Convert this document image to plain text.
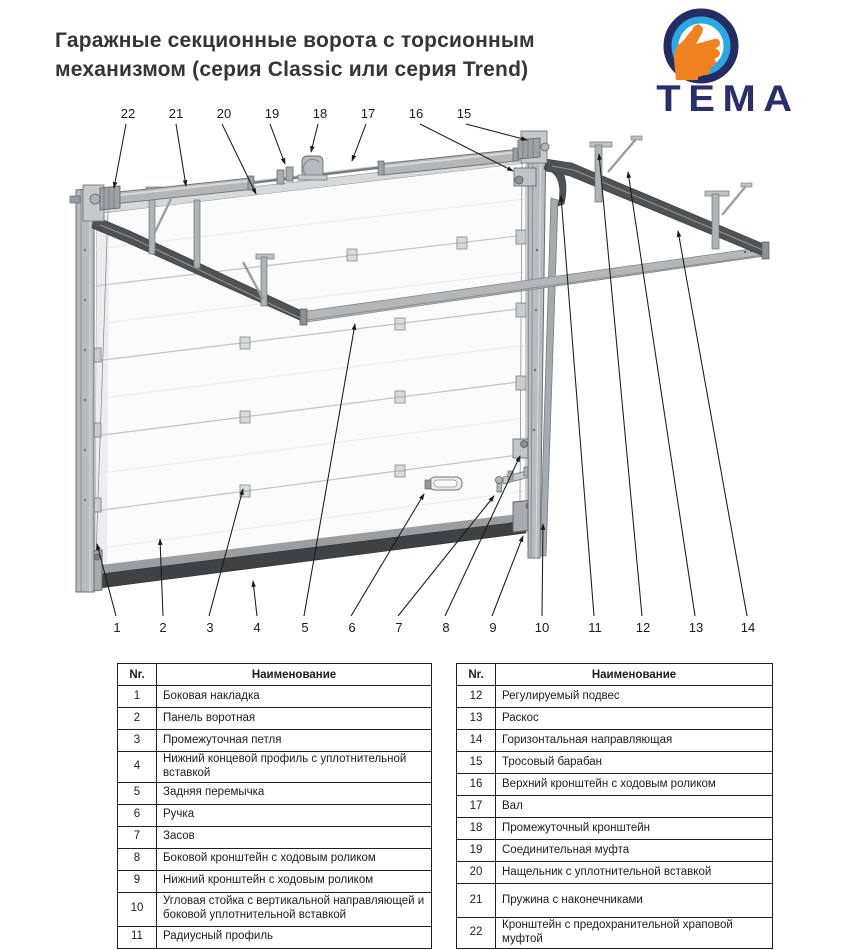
22	21	20	19	18	17	16	15
1	2	3	4	5	6	7	8	9	10	11	12	13	14
Гаражные секционные ворота с торсионным
механизмом (серия Classic или серия Trend)
ТЕМА
Nr.	Наименование
1	Боковая накладка
2	Панель воротная
3	Промежуточная петля
4	Нижний концевой профиль с уплотнительной вставкой
5	Задняя перемычка
6	Ручка
7	Засов
8	Боковой кронштейн с ходовым роликом
9	Нижний кронштейн с ходовым роликом
10	Угловая стойка с вертикальной направляющей и боковой уплотнительной вставкой
11	Радиусный профиль
Nr.	Наименование
12	Регулируемый подвес
13	Раскос
14	Горизонтальная направляющая
15	Тросовый барабан
16	Верхний кронштейн с ходовым роликом
17	Вал
18	Промежуточный кронштейн
19	Соединительная муфта
20	Нащельник с уплотнительной вставкой
21	Пружина с наконечниками
22	Кронштейн с предохранительной храповой муфтой
